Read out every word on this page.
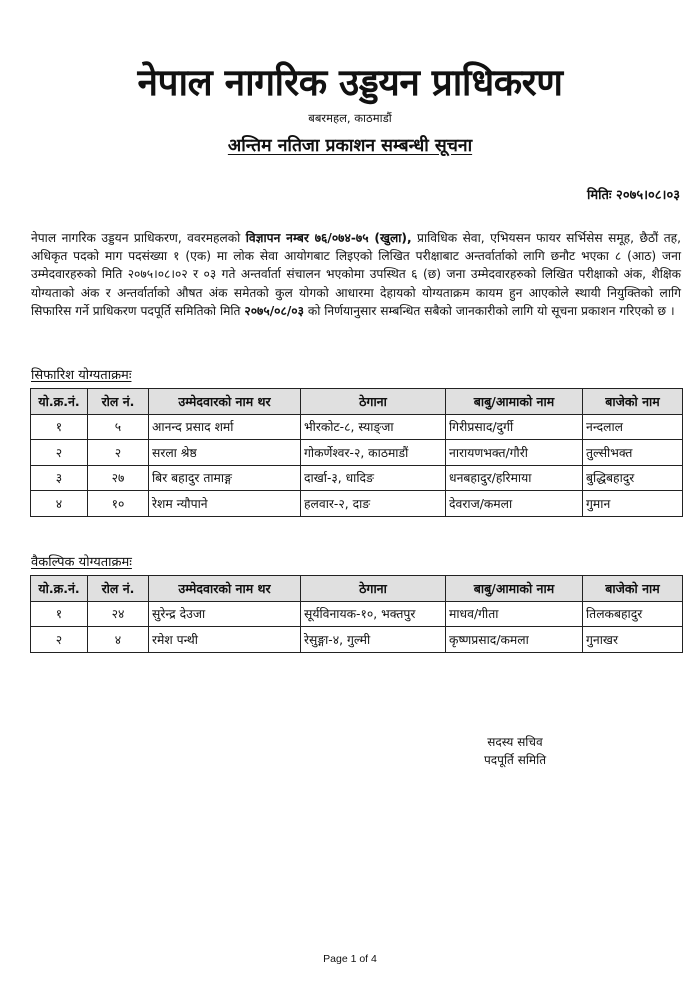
नेपाल नागरिक उड्डयन प्राधिकरण
बबरमहल, काठमाडौं
अन्तिम नतिजा प्रकाशन सम्बन्धी सूचना
मितिः २०७५।०८।०३
नेपाल नागरिक उड्डयन प्राधिकरण, ववरमहलको विज्ञापन नम्बर ७६/०७४-७५ (खुला), प्राविधिक सेवा, एभियसन फायर सर्भिसेस समूह, छैठौं तह, अधिकृत पदको माग पदसंख्या १ (एक) मा लोक सेवा आयोगबाट लिइएको लिखित परीक्षाबाट अन्तर्वार्ताको लागि छनौट भएका ८ (आठ) जना उम्मेदवारहरुको मिति २०७५।०८।०२ र ०३ गते अन्तर्वार्ता संचालन भएकोमा उपस्थित ६ (छ) जना उम्मेदवारहरुको लिखित परीक्षाको अंक, शैक्षिक योग्यताको अंक र अन्तर्वार्ताको औषत अंक समेतको कुल योगको आधारमा देहायको योग्यताक्रम कायम हुन आएकोले स्थायी नियुक्तिको लागि सिफारिस गर्ने प्राधिकरण पदपूर्ति समितिको मिति २०७५/०८/०३ को निर्णयानुसार सम्बन्धित सबैको जानकारीको लागि यो सूचना प्रकाशन गरिएको छ ।
सिफारिश योग्यताक्रमः
यो.क्र.नं.	रोल नं.	उम्मेदवारको नाम थर	ठेगाना	बाबु/आमाको नाम	बाजेको नाम
१	५	आनन्द प्रसाद शर्मा	भीरकोट-८, स्याङ्जा	गिरीप्रसाद/दुर्गी	नन्दलाल
२	२	सरला श्रेष्ठ	गोकर्णेश्वर-२, काठमाडौं	नारायणभक्त/गौरी	तुल्सीभक्त
३	२७	बिर बहादुर तामाङ्ग	दार्खा-३, धादिङ	धनबहादुर/हरिमाया	बुद्धिबहादुर
४	१०	रेशम न्यौपाने	हलवार-२, दाङ	देवराज/कमला	गुमान
वैकल्पिक योग्यताक्रमः
यो.क्र.नं.	रोल नं.	उम्मेदवारको नाम थर	ठेगाना	बाबु/आमाको नाम	बाजेको नाम
१	२४	सुरेन्द्र देउजा	सूर्यविनायक-१०, भक्तपुर	माधव/गीता	तिलकबहादुर
२	४	रमेश पन्थी	रेसुङ्गा-४, गुल्मी	कृष्णप्रसाद/कमला	गुनाखर
सदस्य सचिव
पदपूर्ति समिति
Page 1 of 4
